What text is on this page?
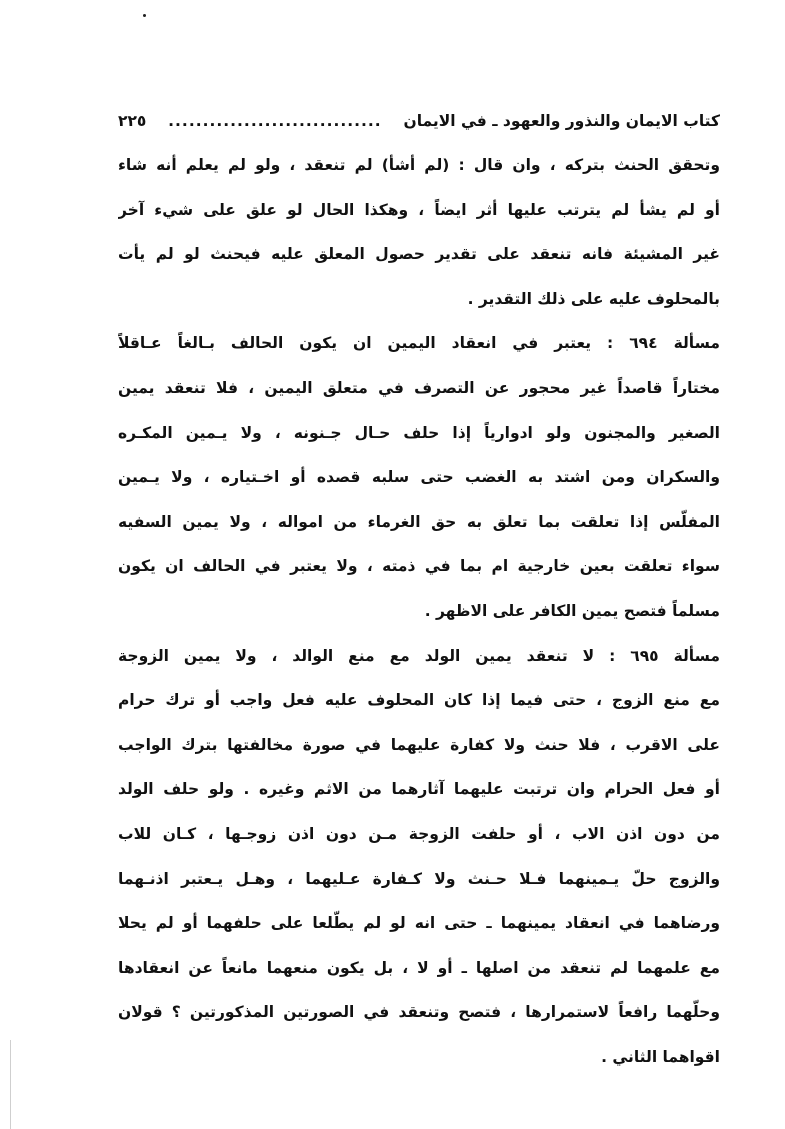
كتاب الايمان والنذور والعهود ـ في الايمان
...............................
٢٢٥
وتحقق الحنث بتركه ، وان قال : (لم أشأ) لم تنعقد ، ولو لم يعلم أنه شاء
أو لم يشأ لم يترتب عليها أثر ايضاً ، وهكذا الحال لو علق على شيء آخر
غير المشيئة فانه تنعقد على تقدير حصول المعلق عليه فيحنث لو لم يأت
بالمحلوف عليه على ذلك التقدير .
مسألة ٦٩٤ : يعتبر في انعقاد اليمين ان يكون الحالف بـالغاً عـاقلاً
مختاراً قاصداً غير محجور عن التصرف في متعلق اليمين ، فلا تنعقد يمين
الصغير والمجنون ولو ادوارياً إذا حلف حـال جـنونه ، ولا يـمين المكـره
والسكران ومن اشتد به الغضب حتى سلبه قصده أو اخـتياره ، ولا يـمين
المفلّس إذا تعلقت بما تعلق به حق الغرماء من امواله ، ولا يمين السفيه
سواء تعلقت بعين خارجية ام بما في ذمته ، ولا يعتبر في الحالف ان يكون
مسلماً فتصح يمين الكافر على الاظهر .
مسألة ٦٩٥ : لا تنعقد يمين الولد مع منع الوالد ، ولا يمين الزوجة
مع منع الزوج ، حتى فيما إذا كان المحلوف عليه فعل واجب أو ترك حرام
على الاقرب ، فلا حنث ولا كفارة عليهما في صورة مخالفتها بترك الواجب
أو فعل الحرام وان ترتبت عليهما آثارهما من الاثم وغيره . ولو حلف الولد
من دون اذن الاب ، أو حلفت الزوجة مـن دون اذن زوجـها ، كـان للاب
والزوج حلّ يـمينهما فـلا حـنث ولا كـفارة عـليهما ، وهـل يـعتبر اذنـهما
ورضاهما في انعقاد يمينهما ـ حتى انه لو لم يطّلعا على حلفهما أو لم يحلا
مع علمهما لم تنعقد من اصلها ـ أو لا ، بل يكون منعهما مانعاً عن انعقادها
وحلّهما رافعاً لاستمرارها ، فتصح وتنعقد في الصورتين المذكورتين ؟ قولان
اقواهما الثاني .
